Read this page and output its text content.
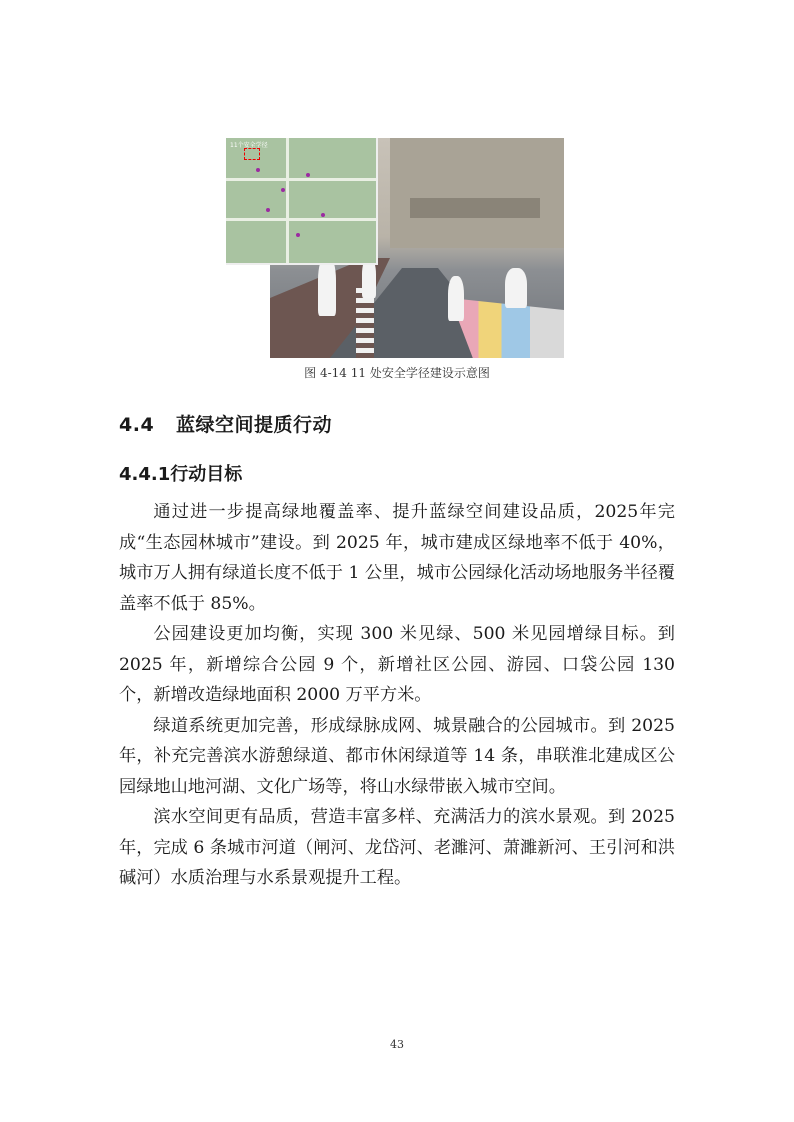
11个安全学径
图 4-14 11 处安全学径建设示意图
4.4 蓝绿空间提质行动
4.4.1行动目标

通过进一步提高绿地覆盖率、提升蓝绿空间建设品质，2025年完成“生态园林城市”建设。到 2025 年，城市建成区绿地率不低于 40%，城市万人拥有绿道长度不低于 1 公里，城市公园绿化活动场地服务半径覆盖率不低于 85%。

公园建设更加均衡，实现 300 米见绿、500 米见园增绿目标。到 2025 年，新增综合公园 9 个，新增社区公园、游园、口袋公园 130 个，新增改造绿地面积 2000 万平方米。

绿道系统更加完善，形成绿脉成网、城景融合的公园城市。到 2025 年，补充完善滨水游憩绿道、都市休闲绿道等 14 条，串联淮北建成区公园绿地山地河湖、文化广场等，将山水绿带嵌入城市空间。

滨水空间更有品质，营造丰富多样、充满活力的滨水景观。到 2025 年，完成 6 条城市河道（闸河、龙岱河、老濉河、萧濉新河、王引河和洪碱河）水质治理与水系景观提升工程。

43
